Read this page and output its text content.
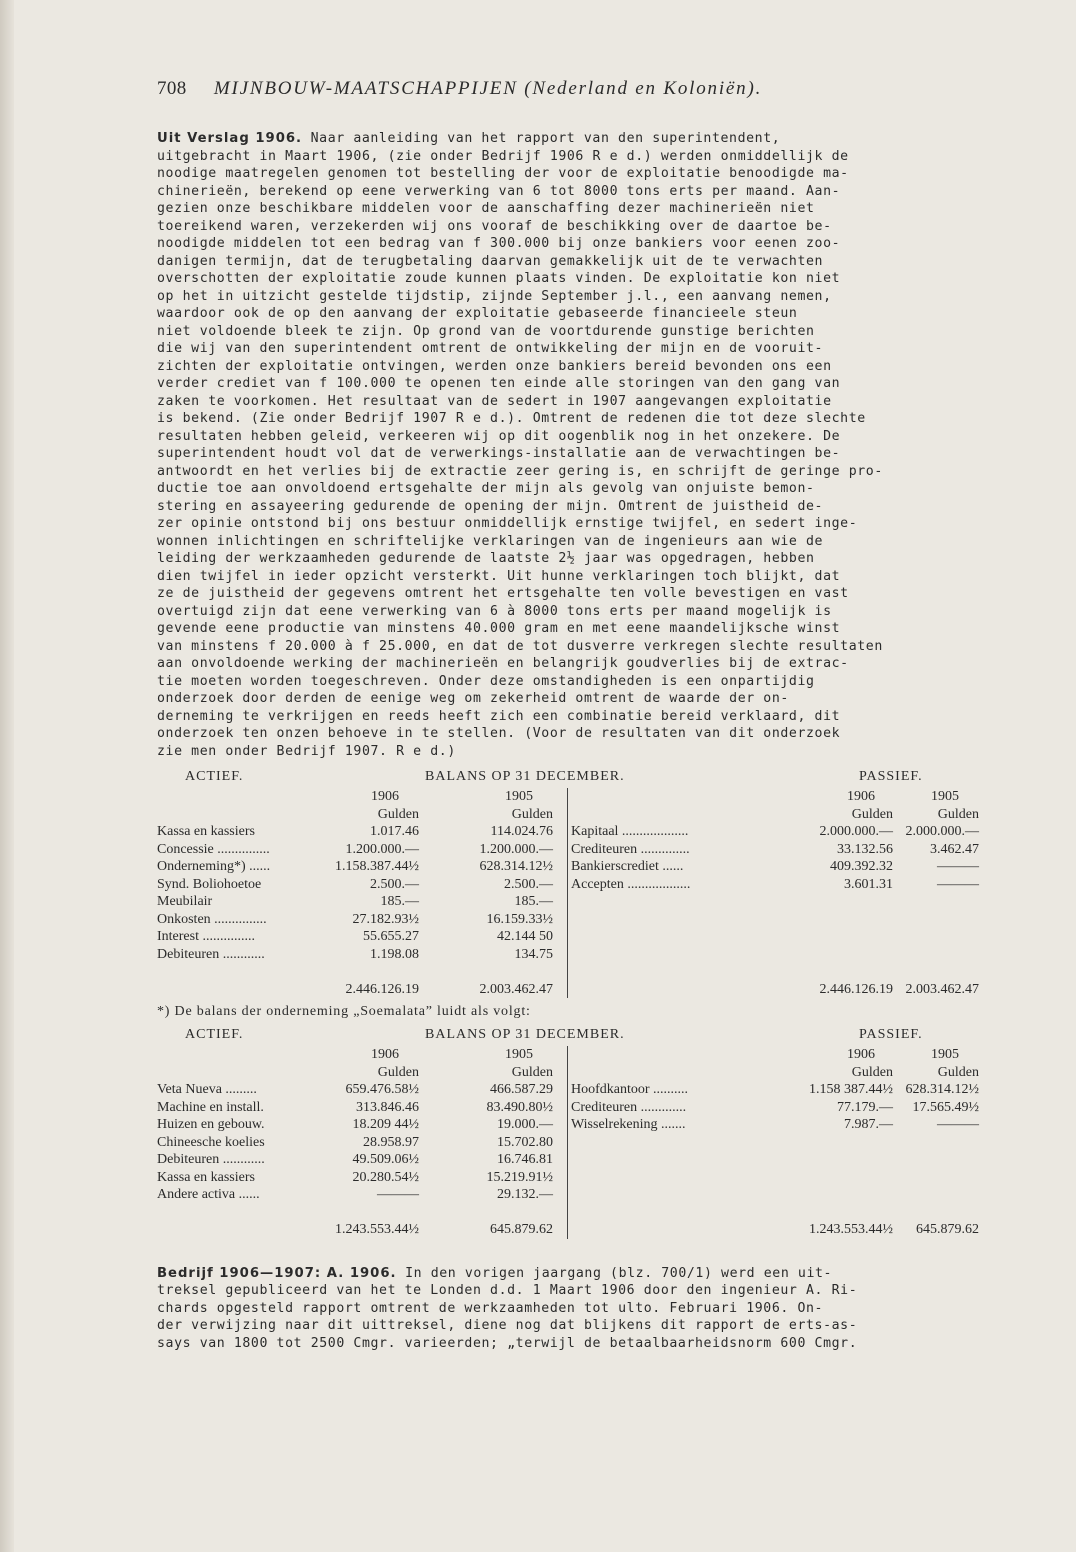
708 MIJNBOUW-MAATSCHAPPIJEN (Nederland en Koloniën).

Uit Verslag 1906. Naar aanleiding van het rapport van den superintendent,
uitgebracht in Maart 1906, (zie onder Bedrijf 1906 R e d.) werden onmiddellijk de
noodige maatregelen genomen tot bestelling der voor de exploitatie benoodigde ma-
chinerieën, berekend op eene verwerking van 6 tot 8000 tons erts per maand. Aan-
gezien onze beschikbare middelen voor de aanschaffing dezer machinerieën niet
toereikend waren, verzekerden wij ons vooraf de beschikking over de daartoe be-
noodigde middelen tot een bedrag van f 300.000 bij onze bankiers voor eenen zoo-
danigen termijn, dat de terugbetaling daarvan gemakkelijk uit de te verwachten
overschotten der exploitatie zoude kunnen plaats vinden. De exploitatie kon niet
op het in uitzicht gestelde tijdstip, zijnde September j.l., een aanvang nemen,
waardoor ook de op den aanvang der exploitatie gebaseerde financieele steun
niet voldoende bleek te zijn. Op grond van de voortdurende gunstige berichten
die wij van den superintendent omtrent de ontwikkeling der mijn en de vooruit-
zichten der exploitatie ontvingen, werden onze bankiers bereid bevonden ons een
verder crediet van f 100.000 te openen ten einde alle storingen van den gang van
zaken te voorkomen. Het resultaat van de sedert in 1907 aangevangen exploitatie
is bekend. (Zie onder Bedrijf 1907 R e d.). Omtrent de redenen die tot deze slechte
resultaten hebben geleid, verkeeren wij op dit oogenblik nog in het onzekere. De
superintendent houdt vol dat de verwerkings-installatie aan de verwachtingen be-
antwoordt en het verlies bij de extractie zeer gering is, en schrijft de geringe pro-
ductie toe aan onvoldoend ertsgehalte der mijn als gevolg van onjuiste bemon-
stering en assayeering gedurende de opening der mijn. Omtrent de juistheid de-
zer opinie ontstond bij ons bestuur onmiddellijk ernstige twijfel, en sedert inge-
wonnen inlichtingen en schriftelijke verklaringen van de ingenieurs aan wie de
leiding der werkzaamheden gedurende de laatste 2½ jaar was opgedragen, hebben
dien twijfel in ieder opzicht versterkt. Uit hunne verklaringen toch blijkt, dat
ze de juistheid der gegevens omtrent het ertsgehalte ten volle bevestigen en vast
overtuigd zijn dat eene verwerking van 6 à 8000 tons erts per maand mogelijk is
gevende eene productie van minstens 40.000 gram en met eene maandelijksche winst
van minstens f 20.000 à f 25.000, en dat de tot dusverre verkregen slechte resultaten
aan onvoldoende werking der machinerieën en belangrijk goudverlies bij de extrac-
tie moeten worden toegeschreven. Onder deze omstandigheden is een onpartijdig
onderzoek door derden de eenige weg om zekerheid omtrent de waarde der on-
derneming te verkrijgen en reeds heeft zich een combinatie bereid verklaard, dit
onderzoek ten onzen behoeve in te stellen. (Voor de resultaten van dit onderzoek
zie men onder Bedrijf 1907. R e d.)

ACTIEF.	BALANS OP 31 DECEMBER.	PASSIEF.
1906	1905	1906	1905
Gulden	Gulden	Gulden	Gulden
Kassa en kassiers	1.017.46	114.024.76 Kapitaal ...................	2.000.000.— 2.000.000.—
Concessie ...............	1.200.000.—	1.200.000.— Crediteuren ..............	33.132.56	3.462.47
Onderneming*) ......	1.158.387.44½	628.314.12½ Bankierscrediet ......	409.392.32	———
Synd. Boliohoetoe	2.500.—	2.500.— Accepten ..................	3.601.31	———
Meubilair	185.—	185.—
Onkosten ...............	27.182.93½	16.159.33½
Interest ...............	55.655.27	42.144 50
Debiteuren ............	1.198.08	134.75
2.446.126.19	2.003.462.47	2.446.126.19 2.003.462.47
*) De balans der onderneming „Soemalata” luidt als volgt:
ACTIEF.	BALANS OP 31 DECEMBER.	PASSIEF.
1906	1905	1906	1905
Gulden	Gulden	Gulden	Gulden
Veta Nueva .........	659.476.58½	466.587.29 Hoofdkantoor ..........	1.158 387.44½ 628.314.12½
Machine en install.	313.846.46	83.490.80½ Crediteuren .............	77.179.— 17.565.49½
Huizen en gebouw.	18.209 44½	19.000.— Wisselrekening .......	7.987.—	———
Chineesche koelies	28.958.97	15.702.80
Debiteuren ............	49.509.06½	16.746.81
Kassa en kassiers	20.280.54½	15.219.91½
Andere activa ......	———	29.132.—
1.243.553.44½	645.879.62	1.243.553.44½ 645.879.62

Bedrijf 1906—1907: A. 1906. In den vorigen jaargang (blz. 700/1) werd een uit-
treksel gepubliceerd van het te Londen d.d. 1 Maart 1906 door den ingenieur A. Ri-
chards opgesteld rapport omtrent de werkzaamheden tot ulto. Februari 1906. On-
der verwijzing naar dit uittreksel, diene nog dat blijkens dit rapport de erts-as-
says van 1800 tot 2500 Cmgr. varieerden; „terwijl de betaalbaarheidsnorm 600 Cmgr.
